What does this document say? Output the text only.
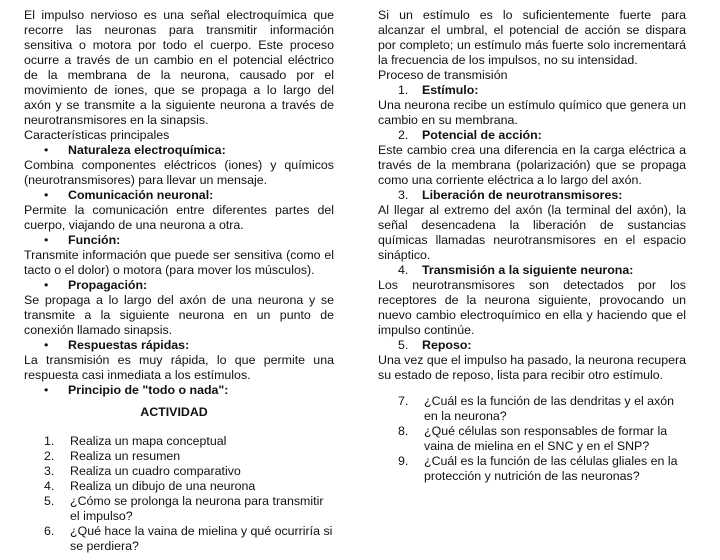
El impulso nervioso es una señal electroquímica que recorre las neuronas para transmitir información sensitiva o motora por todo el cuerpo. Este proceso ocurre a través de un cambio en el potencial eléctrico de la membrana de la neurona, causado por el movimiento de iones, que se propaga a lo largo del axón y se transmite a la siguiente neurona a través de neurotransmisores en la sinapsis.

Características principales
•	Naturaleza electroquímica:

Combina componentes eléctricos (iones) y químicos (neurotransmisores) para llevar un mensaje.

•	Comunicación neuronal:

Permite la comunicación entre diferentes partes del cuerpo, viajando de una neurona a otra.

•	Función:

Transmite información que puede ser sensitiva (como el tacto o el dolor) o motora (para mover los músculos).

•	Propagación:

Se propaga a lo largo del axón de una neurona y se transmite a la siguiente neurona en un punto de conexión llamado sinapsis.

•	Respuestas rápidas:

La transmisión es muy rápida, lo que permite una respuesta casi inmediata a los estímulos.

•	Principio de "todo o nada":

Si un estímulo es lo suficientemente fuerte para alcanzar el umbral, el potencial de acción se dispara por completo; un estímulo más fuerte solo incrementará la frecuencia de los impulsos, no su intensidad.

Proceso de transmisión
1.	Estímulo:

Una neurona recibe un estímulo químico que genera un cambio en su membrana.

2.	Potencial de acción:

Este cambio crea una diferencia en la carga eléctrica a través de la membrana (polarización) que se propaga como una corriente eléctrica a lo largo del axón.

3.	Liberación de neurotransmisores:

Al llegar al extremo del axón (la terminal del axón), la señal desencadena la liberación de sustancias químicas llamadas neurotransmisores en el espacio sináptico.

4.	Transmisión a la siguiente neurona:

Los neurotransmisores son detectados por los receptores de la neurona siguiente, provocando un nuevo cambio electroquímico en ella y haciendo que el impulso continúe.

5.	Reposo:

Una vez que el impulso ha pasado, la neurona recupera su estado de reposo, lista para recibir otro estímulo.

ACTIVIDAD
1.	Realiza un mapa conceptual
2.	Realiza un resumen
3.	Realiza un cuadro comparativo
4.	Realiza un dibujo de una neurona
5.	¿Cómo se prolonga la neurona para transmitir el impulso?
6.	¿Qué hace la vaina de mielina y qué ocurriría si se perdiera?
7.	¿Cuál es la función de las dendritas y el axón en la neurona?
8.	¿Qué células son responsables de formar la vaina de mielina en el SNC y en el SNP?
9.	¿Cuál es la función de las células gliales en la protección y nutrición de las neuronas?
